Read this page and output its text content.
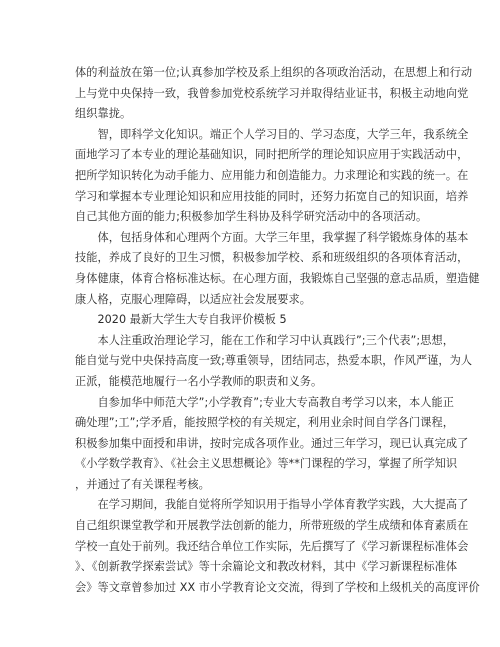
体的利益放在第一位;认真参加学校及系上组织的各项政治活动，在思想上和行动
上与党中央保持一致，我曾参加党校系统学习并取得结业证书，积极主动地向党
组织靠拢。
　　智，即科学文化知识。端正个人学习目的、学习态度，大学三年，我系统全
面地学习了本专业的理论基础知识，同时把所学的理论知识应用于实践活动中，
把所学知识转化为动手能力、应用能力和创造能力。力求理论和实践的统一。在
学习和掌握本专业理论知识和应用技能的同时，还努力拓宽自己的知识面，培养
自己其他方面的能力;积极参加学生科协及科学研究活动中的各项活动。
　　体，包括身体和心理两个方面。大学三年里，我掌握了科学锻炼身体的基本
技能，养成了良好的卫生习惯，积极参加学校、系和班级组织的各项体育活动，
身体健康，体育合格标准达标。在心理方面，我锻炼自己坚强的意志品质，塑造健
康人格，克服心理障碍，以适应社会发展要求。
　　2020 最新大学生大专自我评价模板 5
　　本人注重政治理论学习，能在工作和学习中认真践行”;三个代表”;思想，
能自觉与党中央保持高度一致;尊重领导，团结同志，热爱本职，作风严谨，为人
正派，能模范地履行一名小学教师的职责和义务。
　　自参加华中师范大学”;小学教育”;专业大专高教自考学习以来，本人能正
确处理”;工”;学矛盾，能按照学校的有关规定，利用业余时间自学各门课程，
积极参加集中面授和串讲，按时完成各项作业。通过三年学习，现已认真完成了
《小学数学教育》、《社会主义思想概论》等**门课程的学习，掌握了所学知识
，并通过了有关课程考核。
　　在学习期间，我能自觉将所学知识用于指导小学体育教学实践，大大提高了
自己组织课堂教学和开展教学法创新的能力，所带班级的学生成绩和体育素质在
学校一直处于前列。我还结合单位工作实际，先后撰写了《学习新课程标准体会
》、《创新教学探索尝试》等十余篇论文和教改材料，其中《学习新课程标准体
会》等文章曾参加过 XX 市小学教育论文交流，得到了学校和上级机关的高度评价
